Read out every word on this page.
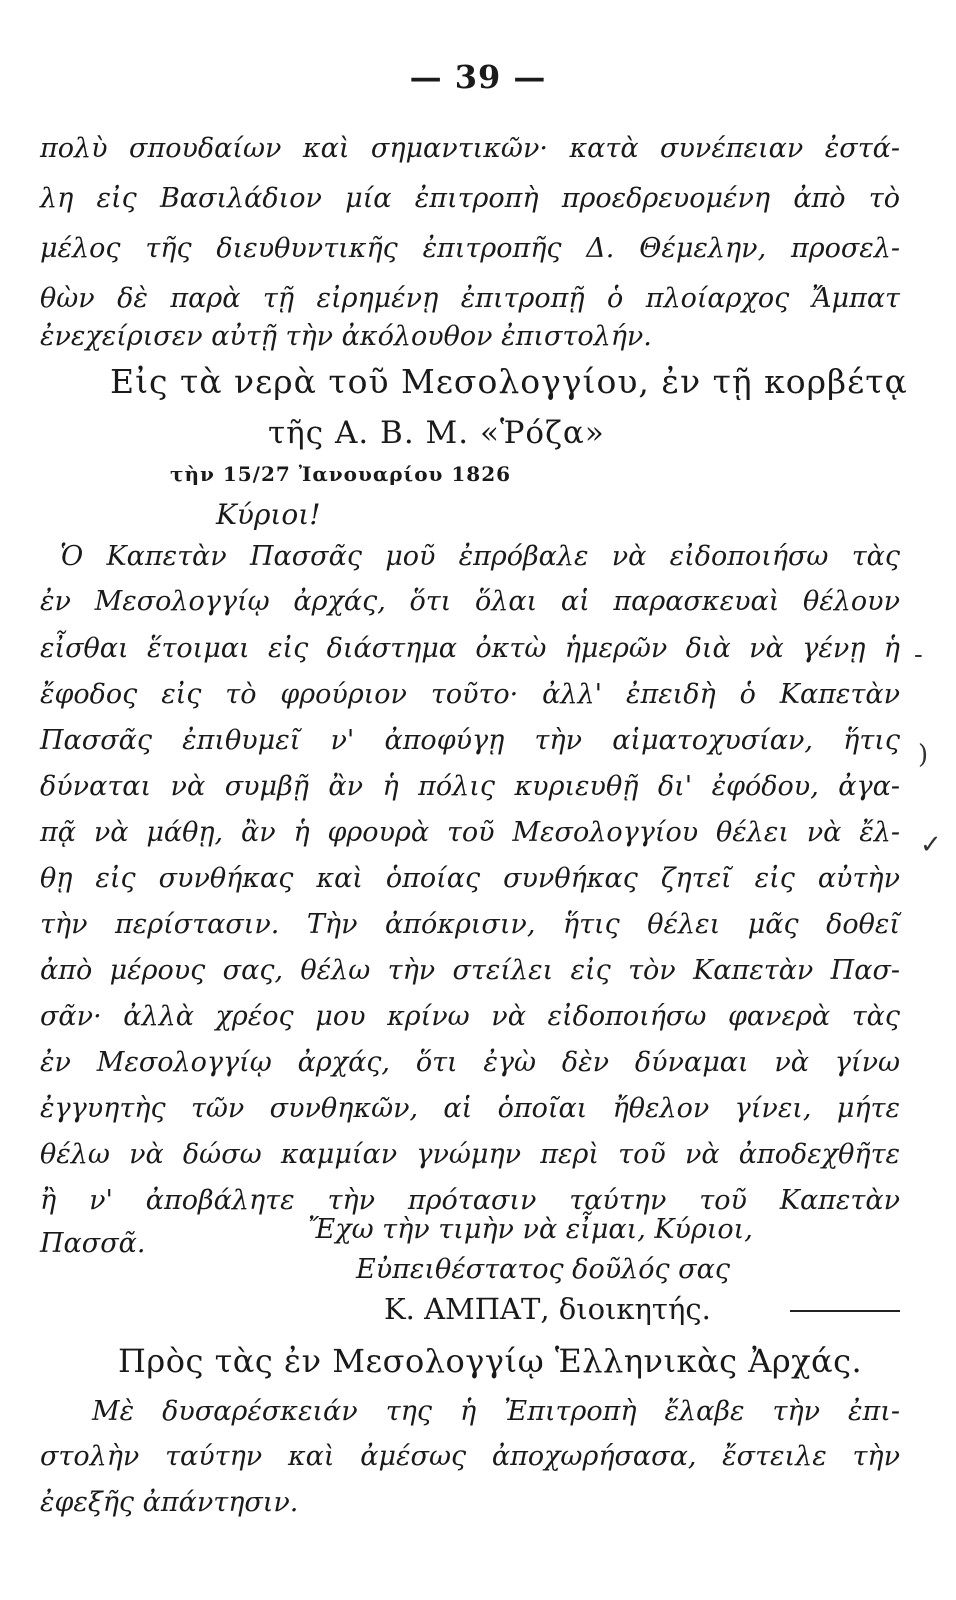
— 39 —
πολὺ σπουδαίων καὶ σημαντικῶν· κατὰ συνέπειαν ἐστά-
λη εἰς Βασιλάδιον μία ἐπιτροπὴ προεδρευομένη ἀπὸ τὸ
μέλος τῆς διευθυντικῆς ἐπιτροπῆς Δ. Θέμελην, προσελ-
θὼν δὲ παρὰ τῇ εἰρημένῃ ἐπιτροπῇ ὁ πλοίαρχος Ἄμπατ
ἐνεχείρισεν αὐτῇ τὴν ἀκόλουθον ἐπιστολήν.
Εἰς τὰ νερὰ τοῦ Μεσολογγίου, ἐν τῇ κορβέτᾳ
τῆς Α. Β. Μ. «Ῥόζα»
τὴν 15/27 Ἰανουαρίου 1826
Κύριοι!
Ὁ Καπετὰν Πασσᾶς μοῦ ἐπρόβαλε νὰ εἰδοποιήσω τὰς
ἐν Μεσολογγίῳ ἀρχάς, ὅτι ὅλαι αἱ παρασκευαὶ θέλουν
εἶσθαι ἕτοιμαι εἰς διάστημα ὀκτὼ ἡμερῶν διὰ νὰ γένῃ ἡ
ἔφοδος εἰς τὸ φρούριον τοῦτο· ἀλλ' ἐπειδὴ ὁ Καπετὰν
Πασσᾶς ἐπιθυμεῖ ν' ἀποφύγῃ τὴν αἱματοχυσίαν, ἥτις
δύναται νὰ συμβῇ ἂν ἡ πόλις κυριευθῇ δι' ἐφόδου, ἀγα-
πᾷ νὰ μάθῃ, ἂν ἡ φρουρὰ τοῦ Μεσολογγίου θέλει νὰ ἔλ-
θῃ εἰς συνθήκας καὶ ὁποίας συνθήκας ζητεῖ εἰς αὐτὴν
τὴν περίστασιν. Τὴν ἀπόκρισιν, ἥτις θέλει μᾶς δοθεῖ
ἀπὸ μέρους σας, θέλω τὴν στείλει εἰς τὸν Καπετὰν Πασ-
σᾶν· ἀλλὰ χρέος μου κρίνω νὰ εἰδοποιήσω φανερὰ τὰς
ἐν Μεσολογγίῳ ἀρχάς, ὅτι ἐγὼ δὲν δύναμαι νὰ γίνω
ἐγγυητὴς τῶν συνθηκῶν, αἱ ὁποῖαι ἤθελον γίνει, μήτε
θέλω νὰ δώσω καμμίαν γνώμην περὶ τοῦ νὰ ἀποδεχθῆτε
ἢ ν' ἀποβάλητε τὴν πρότασιν ταύτην τοῦ Καπετὰν
Πασσᾶ.	Ἔχω τὴν τιμὴν νὰ εἶμαι, Κύριοι,
Εὐπειθέστατος δοῦλός σας
Κ. ΑΜΠΑΤ, διοικητής.
Πρὸς τὰς ἐν Μεσολογγίῳ Ἑλληνικὰς Ἀρχάς.
Μὲ δυσαρέσκειάν της ἡ Ἐπιτροπὴ ἔλαβε τὴν ἐπι-
στολὴν ταύτην καὶ ἀμέσως ἀποχωρήσασα, ἔστειλε τὴν
ἐφεξῆς ἀπάντησιν.
-
)
✓
